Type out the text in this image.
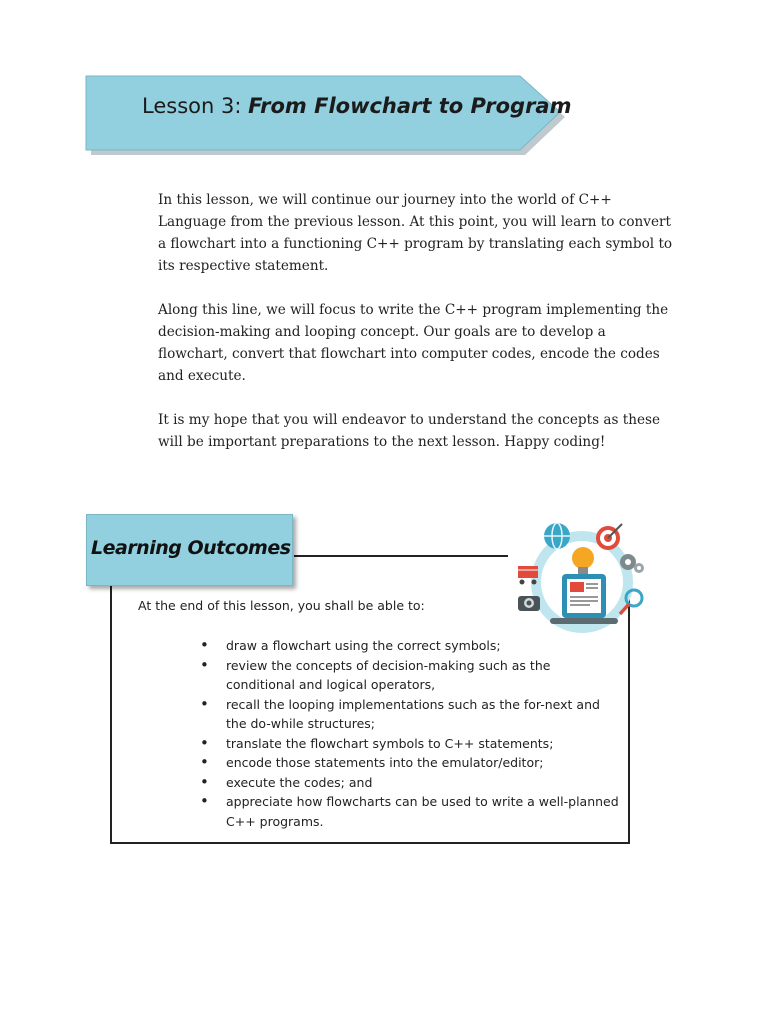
Lesson 3: From Flowchart to Program

In this lesson, we will continue our journey into the world of C++ Language from the previous lesson. At this point, you will learn to convert a flowchart into a functioning C++ program by translating each symbol to its respective statement.

Along this line, we will focus to write the C++ program implementing the decision-making and looping concept. Our goals are to develop a flowchart, convert that flowchart into computer codes, encode the codes and execute.

It is my hope that you will endeavor to understand the concepts as these will be important preparations to the next lesson. Happy coding!

Learning Outcomes
At the end of this lesson, you shall be able to:
• draw a flowchart using the correct symbols;
• review the concepts of decision-making such as the conditional and logical operators,
• recall the looping implementations such as the for-next and the do-while structures;
• translate the flowchart symbols to C++ statements;
• encode those statements into the emulator/editor;
• execute the codes; and
• appreciate how flowcharts can be used to write a well-planned C++ programs.
